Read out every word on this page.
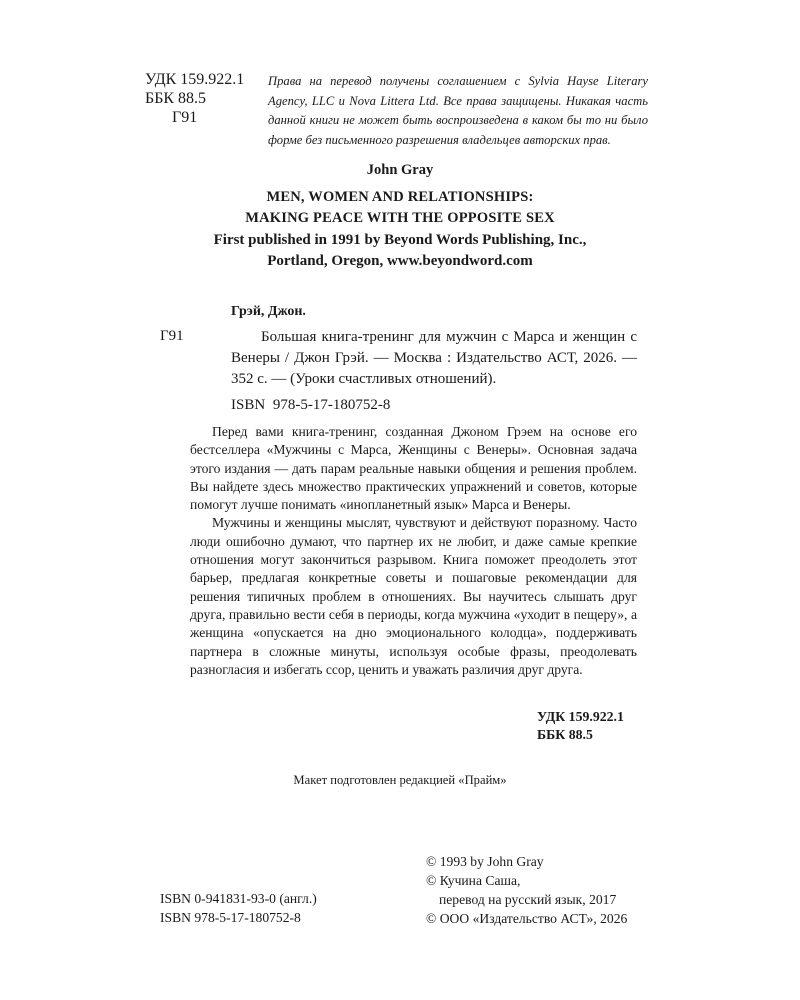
УДК 159.922.1
ББК 88.5
Г91
Права на перевод получены соглашением с Sylvia Hayse Literary Agency, LLC и Nova Littera Ltd. Все права защищены. Никакая часть данной книги не может быть воспроизведена в каком бы то ни было форме без письменного разрешения владельцев авторских прав.
John Gray
MEN, WOMEN AND RELATIONSHIPS:
MAKING PEACE WITH THE OPPOSITE SEX
First published in 1991 by Beyond Words Publishing, Inc.,
Portland, Oregon, www.beyondword.com
Грэй, Джон.
Г91	Большая книга-тренинг для мужчин с Марса и женщин с Венеры / Джон Грэй. — Москва : Издательство АСТ, 2026. — 352 с. — (Уроки счастливых отношений).
ISBN 978-5-17-180752-8

Перед вами книга-тренинг, созданная Джоном Грэем на основе его бестселлера «Мужчины с Марса, Женщины с Венеры». Основная задача этого издания — дать парам реальные навыки общения и решения проблем. Вы найдете здесь множество практических упражнений и советов, которые помогут лучше понимать «инопланетный язык» Марса и Венеры.

Мужчины и женщины мыслят, чувствуют и действуют поразному. Часто люди ошибочно думают, что партнер их не любит, и даже самые крепкие отношения могут закончиться разрывом. Книга поможет преодолеть этот барьер, предлагая конкретные советы и пошаговые рекомендации для решения типичных проблем в отношениях. Вы научитесь слышать друг друга, правильно вести себя в периоды, когда мужчина «уходит в пещеру», а женщина «опускается на дно эмоционального колодца», поддерживать партнера в сложные минуты, используя особые фразы, преодолевать разногласия и избегать ссор, ценить и уважать различия друг друга.

УДК 159.922.1
ББК 88.5
Макет подготовлен редакцией «Прайм»
© 1993 by John Gray
© Кучина Саша,
перевод на русский язык, 2017
© ООО «Издательство АСТ», 2026
ISBN 0-941831-93-0 (англ.)
ISBN 978-5-17-180752-8
